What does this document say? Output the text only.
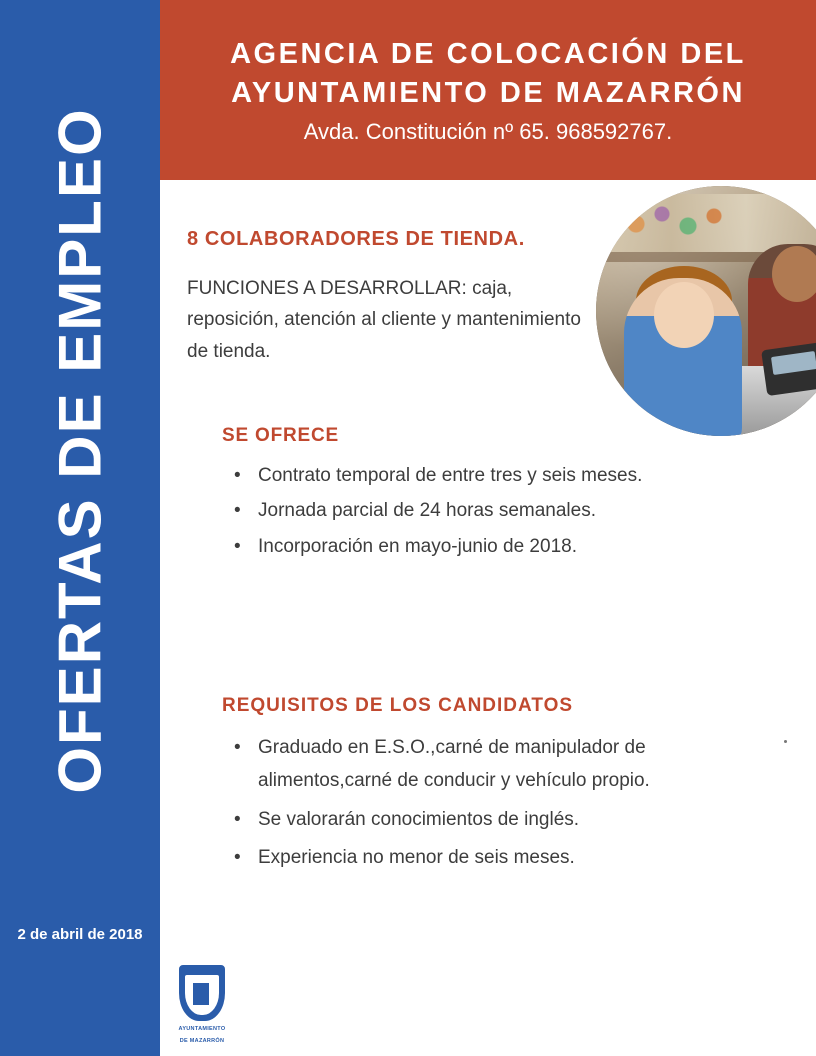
OFERTAS DE EMPLEO
2 de abril de 2018
AGENCIA DE COLOCACIÓN DEL
AYUNTAMIENTO DE MAZARRÓN
Avda. Constitución nº 65. 968592767.
8 COLABORADORES DE TIENDA.
FUNCIONES A DESARROLLAR: caja, reposición, atención al cliente y mantenimiento de tienda.
SE OFRECE
• Contrato temporal de entre tres y seis meses.
• Jornada parcial de 24 horas semanales.
• Incorporación en mayo-junio de 2018.
REQUISITOS DE LOS CANDIDATOS
• Graduado en E.S.O.,carné de manipulador de alimentos,carné de conducir y vehículo propio.
• Se valorarán conocimientos de inglés.
• Experiencia no menor de seis meses.
AYUNTAMIENTO
DE MAZARRÓN
